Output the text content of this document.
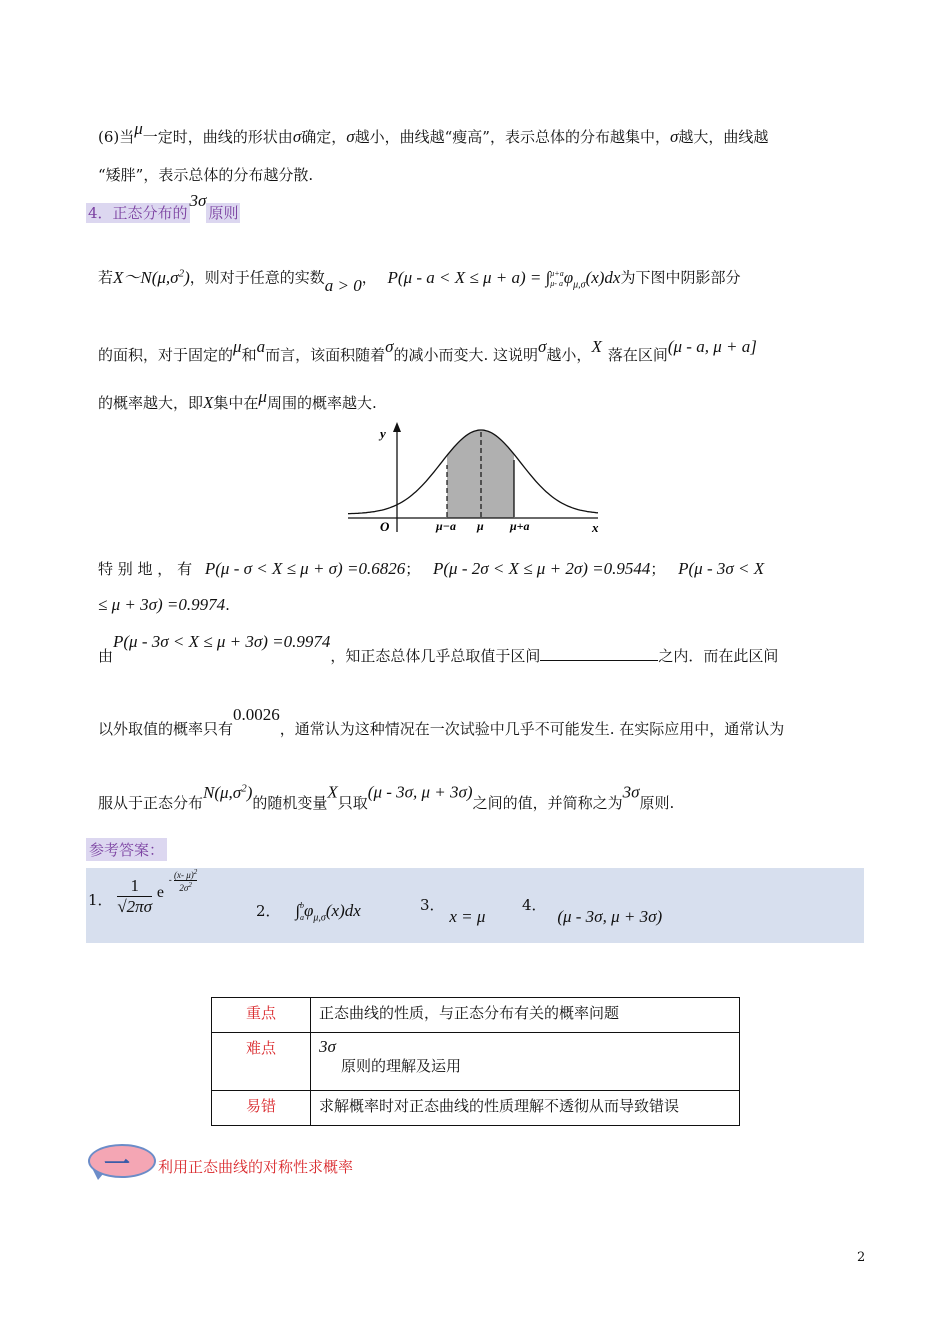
(6)当μ一定时，曲线的形状由σ确定，σ越小，曲线越“瘦高”，表示总体的分布越集中，σ越大，曲线越
“矮胖”，表示总体的分布越分散.
4．正态分布的3σ原则
若$X\sim N(\mu,\sigma^2)$，则对于任意的实数a > 0， P(μ - a < X ≤ μ + a) = ∫ μ+a
μ- a $\varphi_{\mu,\sigma}(x)dx$为下图中阴影部分
的面积，对于固定的μ和a而言，该面积随着σ的减小而变大. 这说明σ越小，X 落在区间(μ - a, μ + a]
的概率越大，即X集中在μ周围的概率越大.
y
x
O	μ−a μ μ+a
特 别 地 ， 有 P(μ - σ < X ≤ μ + σ) =0.6826； P(μ - 2σ < X ≤ μ + 2σ) =0.9544； P(μ - 3σ < X
≤ μ + 3σ) =0.9974.
由P(μ - 3σ < X ≤ μ + 3σ) =0.9974，知正态总体几乎总取值于区间	之内．而在此区间
以外取值的概率只有0.0026，通常认为这种情况在一次试验中几乎不可能发生. 在实际应用中，通常认为
服从于正态分布$N(\mu,\sigma^2)$的随机变量X只取(μ - 3σ, μ + 3σ)之间的值，并简称之为3σ原则.
参考答案：
1． $\frac{1}{√2\pi\sigma}$ e - $\frac{(x- \mu)^2}{2\sigma^2}$
2． ∫ b
a $\varphi_{\mu,\sigma}(x)dx$	3． x = μ
4． (μ - 3σ, μ + 3σ)
重点	正态曲线的性质，与正态分布有关的概率问题
难点	3σ
原则的理解及运用

易错	求解概率时对正态曲线的性质理解不透彻从而导致错误
一 利用正态曲线的对称性求概率
2
